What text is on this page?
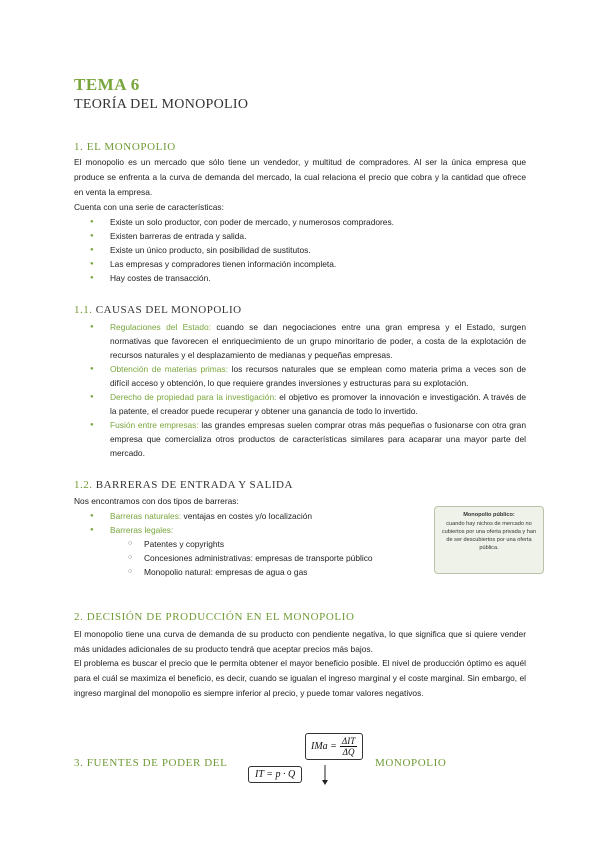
TEMA 6
TEORÍA DEL MONOPOLIO
1. EL MONOPOLIO
El monopolio es un mercado que sólo tiene un vendedor, y multitud de compradores. Al ser la única empresa que produce se enfrenta a la curva de demanda del mercado, la cual relaciona el precio que cobra y la cantidad que ofrece en venta la empresa.
Cuenta con una serie de características:
● Existe un solo productor, con poder de mercado, y numerosos compradores.
● Existen barreras de entrada y salida.
● Existe un único producto, sin posibilidad de sustitutos.
● Las empresas y compradores tienen información incompleta.
● Hay costes de transacción.
1.1. CAUSAS DEL MONOPOLIO
● Regulaciones del Estado: cuando se dan negociaciones entre una gran empresa y el Estado, surgen normativas que favorecen el enriquecimiento de un grupo minoritario de poder, a costa de la explotación de recursos naturales y el desplazamiento de medianas y pequeñas empresas.
● Obtención de materias primas: los recursos naturales que se emplean como materia prima a veces son de difícil acceso y obtención, lo que requiere grandes inversiones y estructuras para su explotación.
● Derecho de propiedad para la investigación: el objetivo es promover la innovación e investigación. A través de la patente, el creador puede recuperar y obtener una ganancia de todo lo invertido.
● Fusión entre empresas: las grandes empresas suelen comprar otras más pequeñas o fusionarse con otra gran empresa que comercializa otros productos de características similares para acaparar una mayor parte del mercado.
1.2. BARRERAS DE ENTRADA Y SALIDA
Nos encontramos con dos tipos de barreras:
● Barreras naturales: ventajas en costes y/o localización
● Barreras legales:
○ Patentes y copyrights
○ Concesiones administrativas: empresas de transporte público
○ Monopolio natural: empresas de agua o gas
Monopolio público:
cuando hay nichos de mercado no cubiertos por una oferta privada y han de ser descubiertos por una oferta pública.
2. DECISIÓN DE PRODUCCIÓN EN EL MONOPOLIO
El monopolio tiene una curva de demanda de su producto con pendiente negativa, lo que significa que si quiere vender más unidades adicionales de su producto tendrá que aceptar precios más bajos.
El problema es buscar el precio que le permita obtener el mayor beneficio posible. El nivel de producción óptimo es aquél para el cuál se maximiza el beneficio, es decir, cuando se igualan el ingreso marginal y el coste marginal. Sin embargo, el ingreso marginal del monopolio es siempre inferior al precio, y puede tomar valores negativos.
3. FUENTES DE PODER DEL
IMa = $\frac{\text{ΔIT}}{\Delta Q}$
IT = p · Q
MONOPOLIO
